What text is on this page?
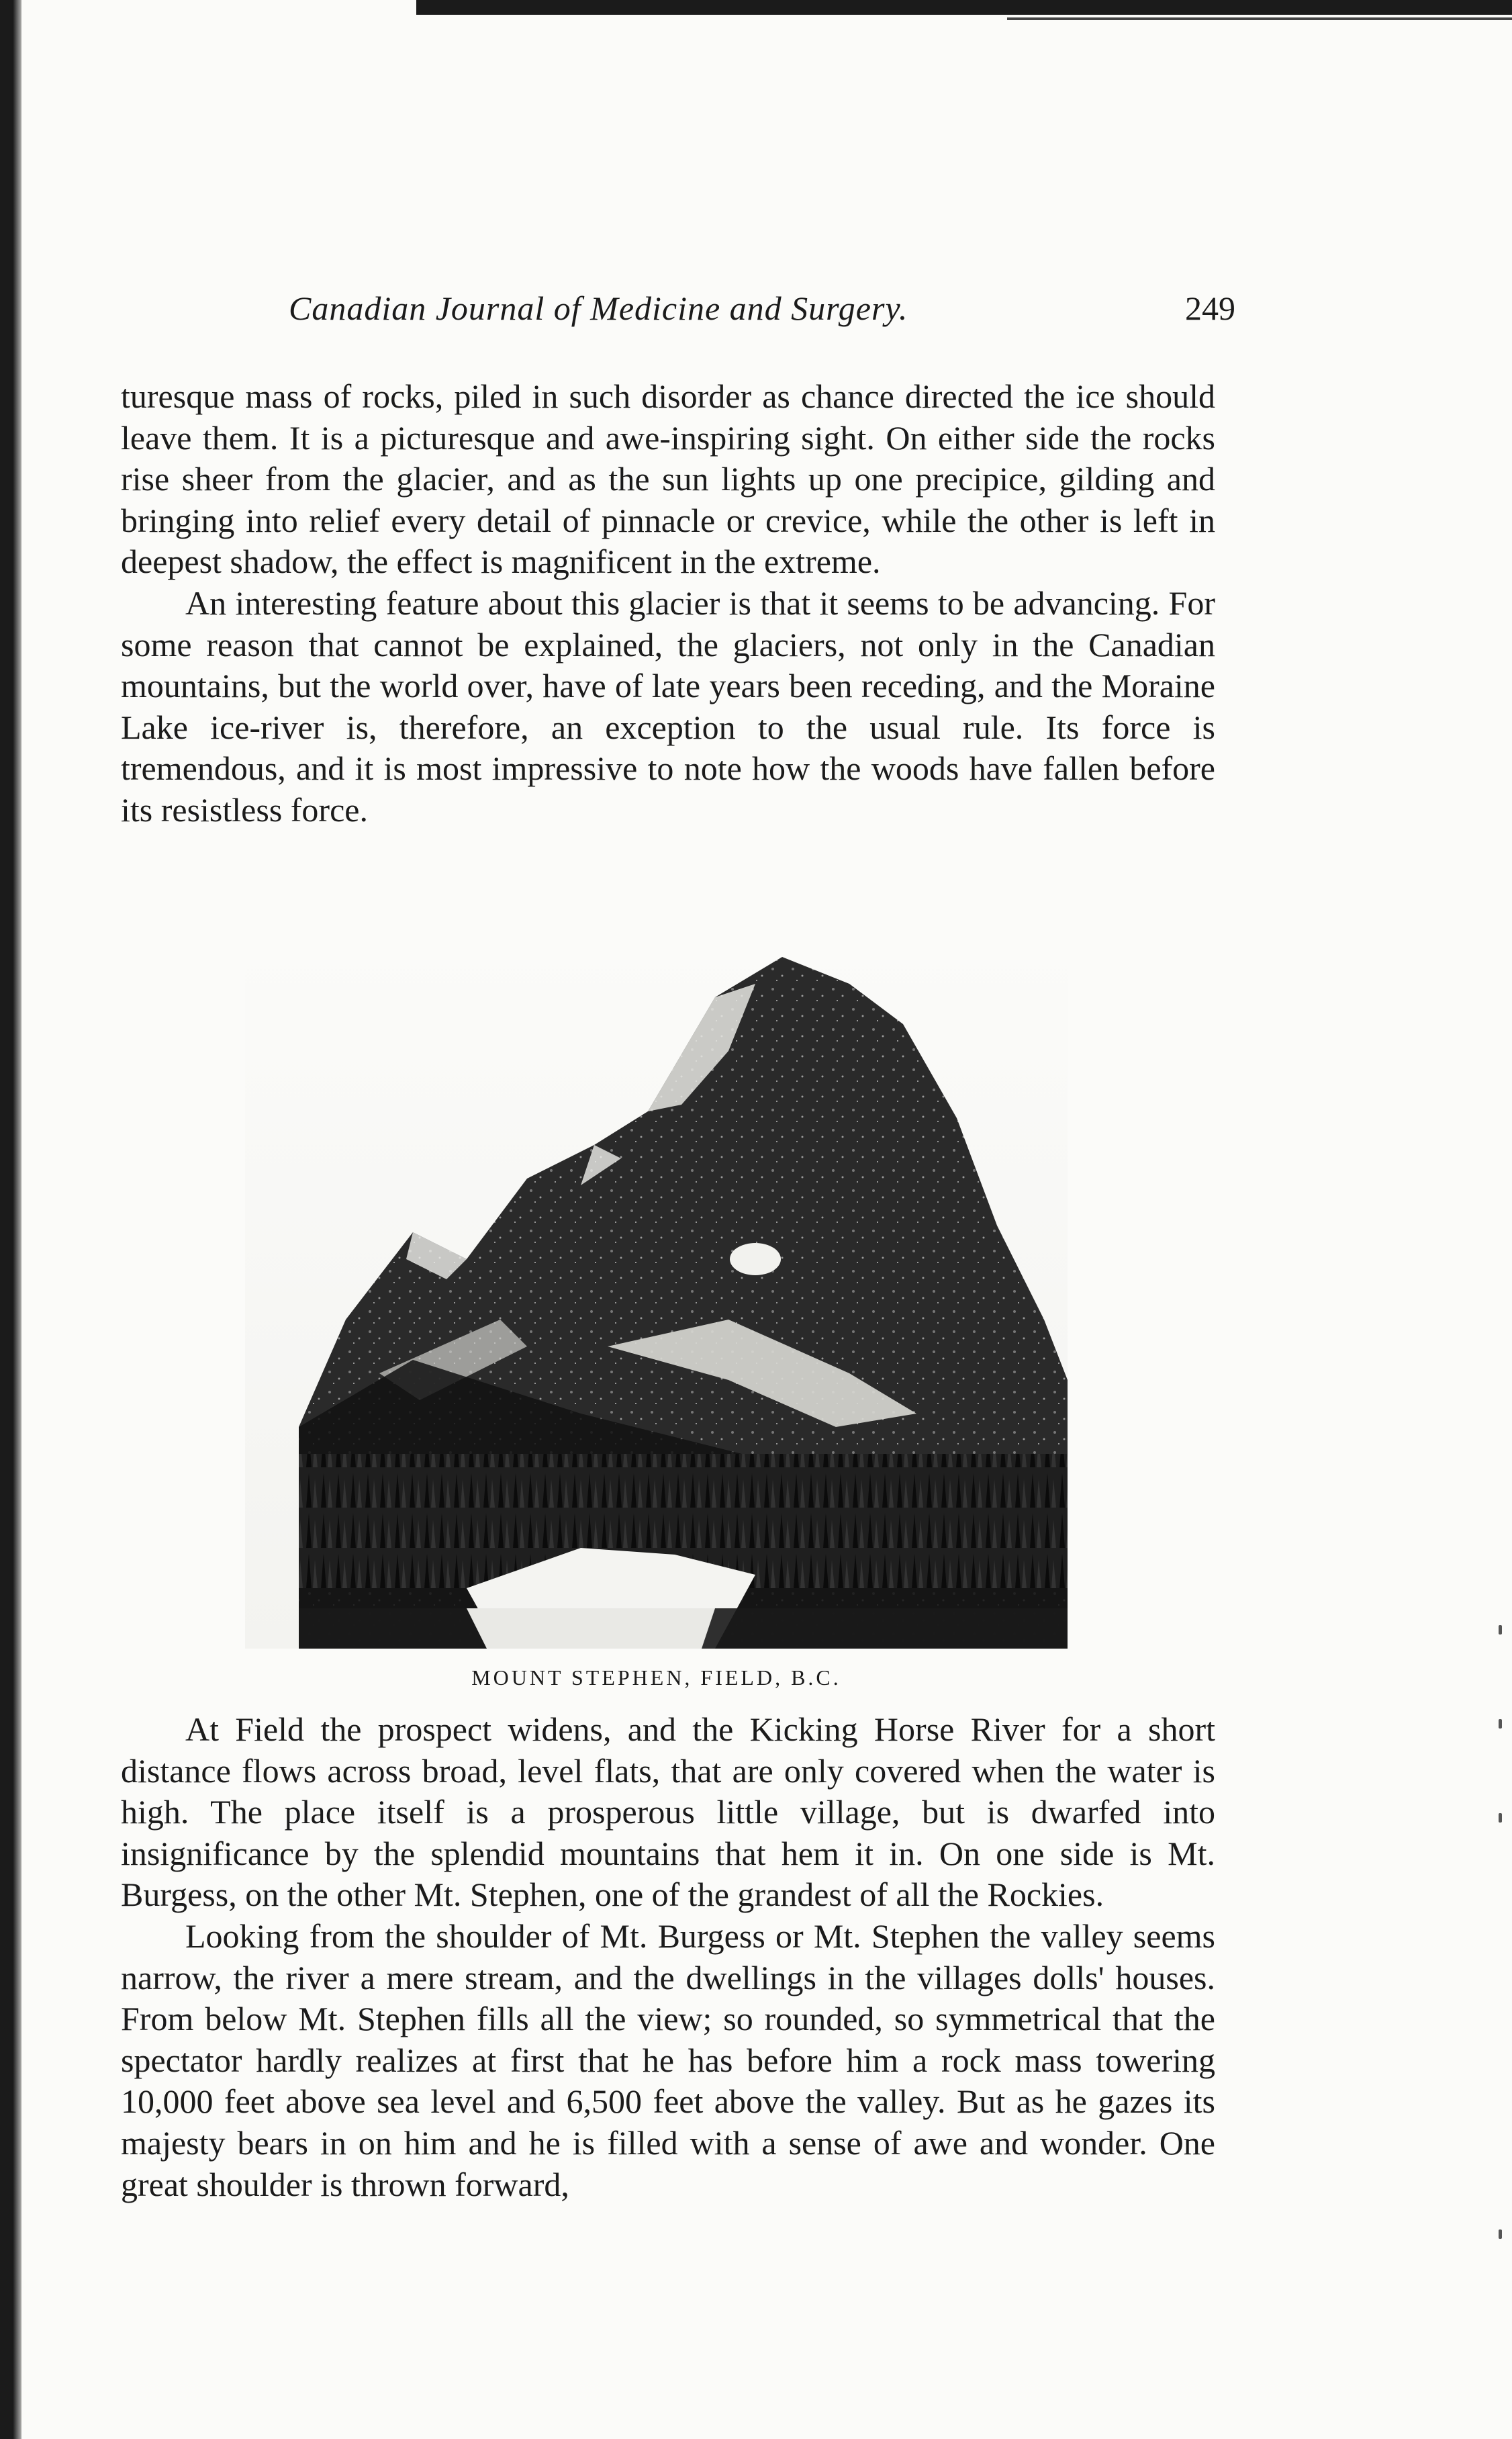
Canadian Journal of Medicine and Surgery.	249

turesque mass of rocks, piled in such disorder as chance directed the ice should leave them. It is a picturesque and awe-inspiring sight. On either side the rocks rise sheer from the glacier, and as the sun lights up one precipice, gilding and bringing into relief every detail of pinnacle or crevice, while the other is left in deepest shadow, the effect is magnificent in the extreme.

An interesting feature about this glacier is that it seems to be advancing. For some reason that cannot be explained, the glaciers, not only in the Canadian mountains, but the world over, have of late years been receding, and the Moraine Lake ice-river is, therefore, an exception to the usual rule. Its force is tremendous, and it is most impressive to note how the woods have fallen before its resistless force.

MOUNT STEPHEN, FIELD, B.C.

At Field the prospect widens, and the Kicking Horse River for a short distance flows across broad, level flats, that are only covered when the water is high. The place itself is a prosperous little village, but is dwarfed into insignificance by the splendid mountains that hem it in. On one side is Mt. Burgess, on the other Mt. Stephen, one of the grandest of all the Rockies.

Looking from the shoulder of Mt. Burgess or Mt. Stephen the valley seems narrow, the river a mere stream, and the dwellings in the villages dolls' houses. From below Mt. Stephen fills all the view; so rounded, so symmetrical that the spectator hardly realizes at first that he has before him a rock mass towering 10,000 feet above sea level and 6,500 feet above the valley. But as he gazes its majesty bears in on him and he is filled with a sense of awe and wonder. One great shoulder is thrown forward,
